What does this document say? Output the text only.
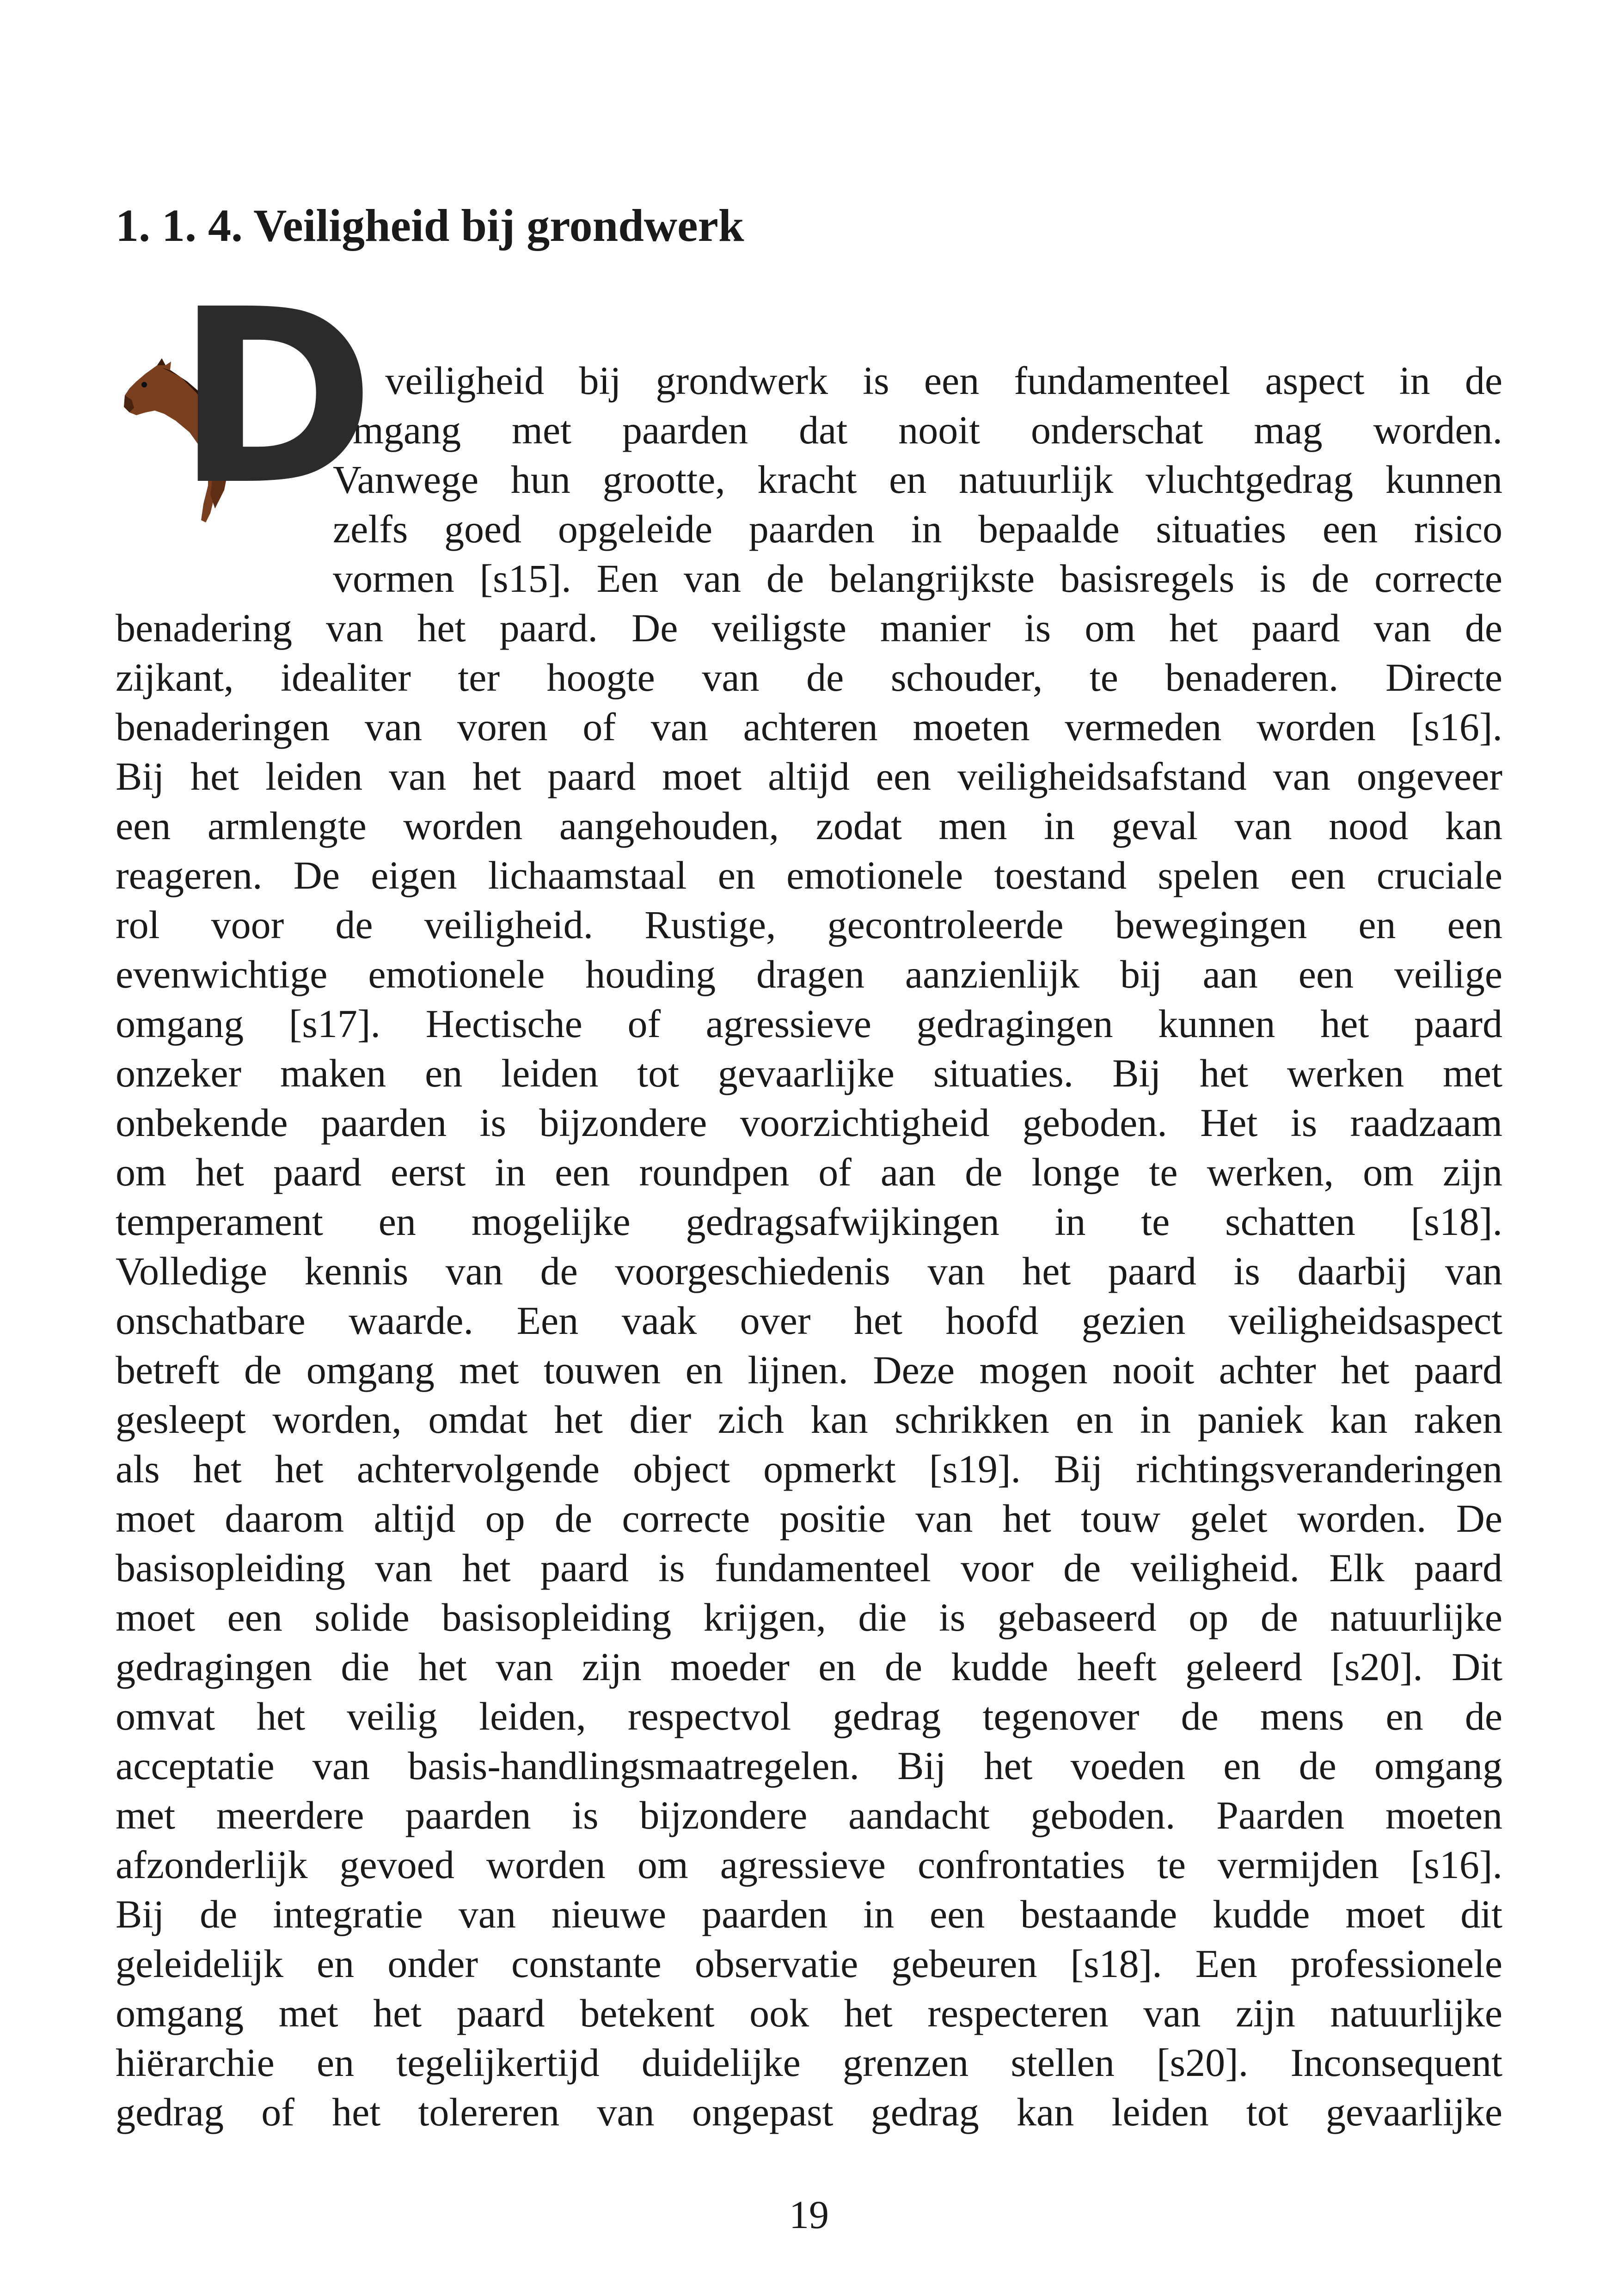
1. 1. 4. Veiligheid bij grondwerk
D
e veiligheid bij grondwerk is een fundamenteel aspect in de
omgang met paarden dat nooit onderschat mag worden.
Vanwege hun grootte, kracht en natuurlijk vluchtgedrag kunnen
zelfs goed opgeleide paarden in bepaalde situaties een risico
vormen [s15]. Een van de belangrijkste basisregels is de correcte
benadering van het paard. De veiligste manier is om het paard van de
zijkant, idealiter ter hoogte van de schouder, te benaderen. Directe
benaderingen van voren of van achteren moeten vermeden worden [s16].
Bij het leiden van het paard moet altijd een veiligheidsafstand van ongeveer
een armlengte worden aangehouden, zodat men in geval van nood kan
reageren. De eigen lichaamstaal en emotionele toestand spelen een cruciale
rol voor de veiligheid. Rustige, gecontroleerde bewegingen en een
evenwichtige emotionele houding dragen aanzienlijk bij aan een veilige
omgang [s17]. Hectische of agressieve gedragingen kunnen het paard
onzeker maken en leiden tot gevaarlijke situaties. Bij het werken met
onbekende paarden is bijzondere voorzichtigheid geboden. Het is raadzaam
om het paard eerst in een roundpen of aan de longe te werken, om zijn
temperament en mogelijke gedragsafwijkingen in te schatten [s18].
Volledige kennis van de voorgeschiedenis van het paard is daarbij van
onschatbare waarde. Een vaak over het hoofd gezien veiligheidsaspect
betreft de omgang met touwen en lijnen. Deze mogen nooit achter het paard
gesleept worden, omdat het dier zich kan schrikken en in paniek kan raken
als het het achtervolgende object opmerkt [s19]. Bij richtingsveranderingen
moet daarom altijd op de correcte positie van het touw gelet worden. De
basisopleiding van het paard is fundamenteel voor de veiligheid. Elk paard
moet een solide basisopleiding krijgen, die is gebaseerd op de natuurlijke
gedragingen die het van zijn moeder en de kudde heeft geleerd [s20]. Dit
omvat het veilig leiden, respectvol gedrag tegenover de mens en de
acceptatie van basis-handlingsmaatregelen. Bij het voeden en de omgang
met meerdere paarden is bijzondere aandacht geboden. Paarden moeten
afzonderlijk gevoed worden om agressieve confrontaties te vermijden [s16].
Bij de integratie van nieuwe paarden in een bestaande kudde moet dit
geleidelijk en onder constante observatie gebeuren [s18]. Een professionele
omgang met het paard betekent ook het respecteren van zijn natuurlijke
hiërarchie en tegelijkertijd duidelijke grenzen stellen [s20]. Inconsequent
gedrag of het tolereren van ongepast gedrag kan leiden tot gevaarlijke

19
